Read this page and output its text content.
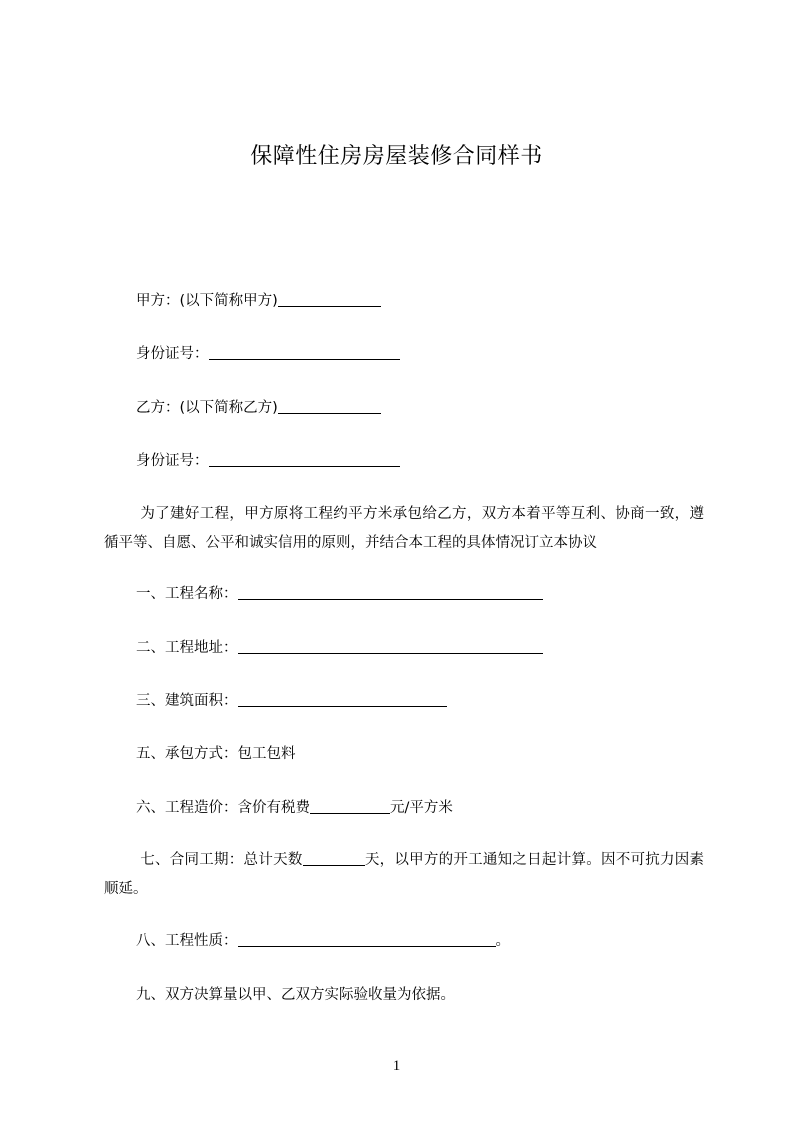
保障性住房房屋装修合同样书
甲方：(以下简称甲方)
身份证号：
乙方：(以下简称乙方)
身份证号：
为了建好工程，甲方原将工程约平方米承包给乙方，双方本着平等互利、协商一致，遵循平等、自愿、公平和诚实信用的原则，并结合本工程的具体情况订立本协议
一、工程名称：
二、工程地址：
三、建筑面积：
五、承包方式：包工包料
六、工程造价：含价有税费	元/平方米
七、合同工期：总计天数	天，以甲方的开工通知之日起计算。因不可抗力因素顺延。
八、工程性质：	。
九、双方决算量以甲、乙双方实际验收量为依据。
1
